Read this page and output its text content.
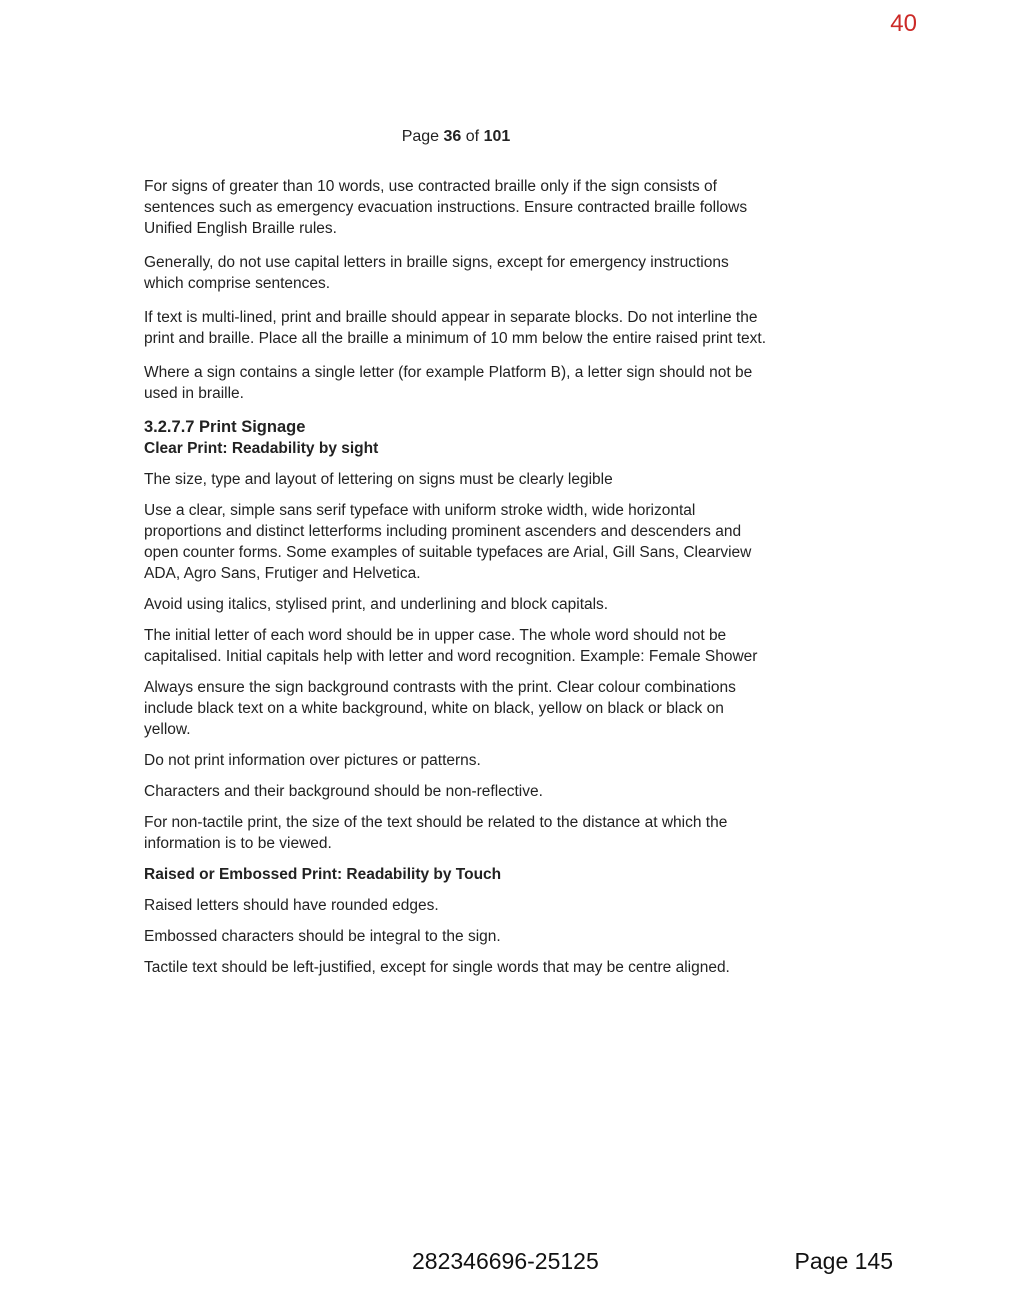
40
Page 36 of 101

For signs of greater than 10 words, use contracted braille only if the sign consists of sentences such as emergency evacuation instructions. Ensure contracted braille follows Unified English Braille rules.

Generally, do not use capital letters in braille signs, except for emergency instructions which comprise sentences.

If text is multi-lined, print and braille should appear in separate blocks. Do not interline the print and braille. Place all the braille a minimum of 10 mm below the entire raised print text.

Where a sign contains a single letter (for example Platform B), a letter sign should not be used in braille.

3.2.7.7 Print Signage
Clear Print: Readability by sight

The size, type and layout of lettering on signs must be clearly legible

Use a clear, simple sans serif typeface with uniform stroke width, wide horizontal proportions and distinct letterforms including prominent ascenders and descenders and open counter forms. Some examples of suitable typefaces are Arial, Gill Sans, Clearview ADA, Agro Sans, Frutiger and Helvetica.

Avoid using italics, stylised print, and underlining and block capitals.

The initial letter of each word should be in upper case. The whole word should not be capitalised. Initial capitals help with letter and word recognition. Example: Female Shower

Always ensure the sign background contrasts with the print. Clear colour combinations include black text on a white background, white on black, yellow on black or black on yellow.

Do not print information over pictures or patterns.

Characters and their background should be non-reflective.

For non-tactile print, the size of the text should be related to the distance at which the information is to be viewed.

Raised or Embossed Print: Readability by Touch

Raised letters should have rounded edges.

Embossed characters should be integral to the sign.

Tactile text should be left-justified, except for single words that may be centre aligned.

282346696-25125	Page 145
